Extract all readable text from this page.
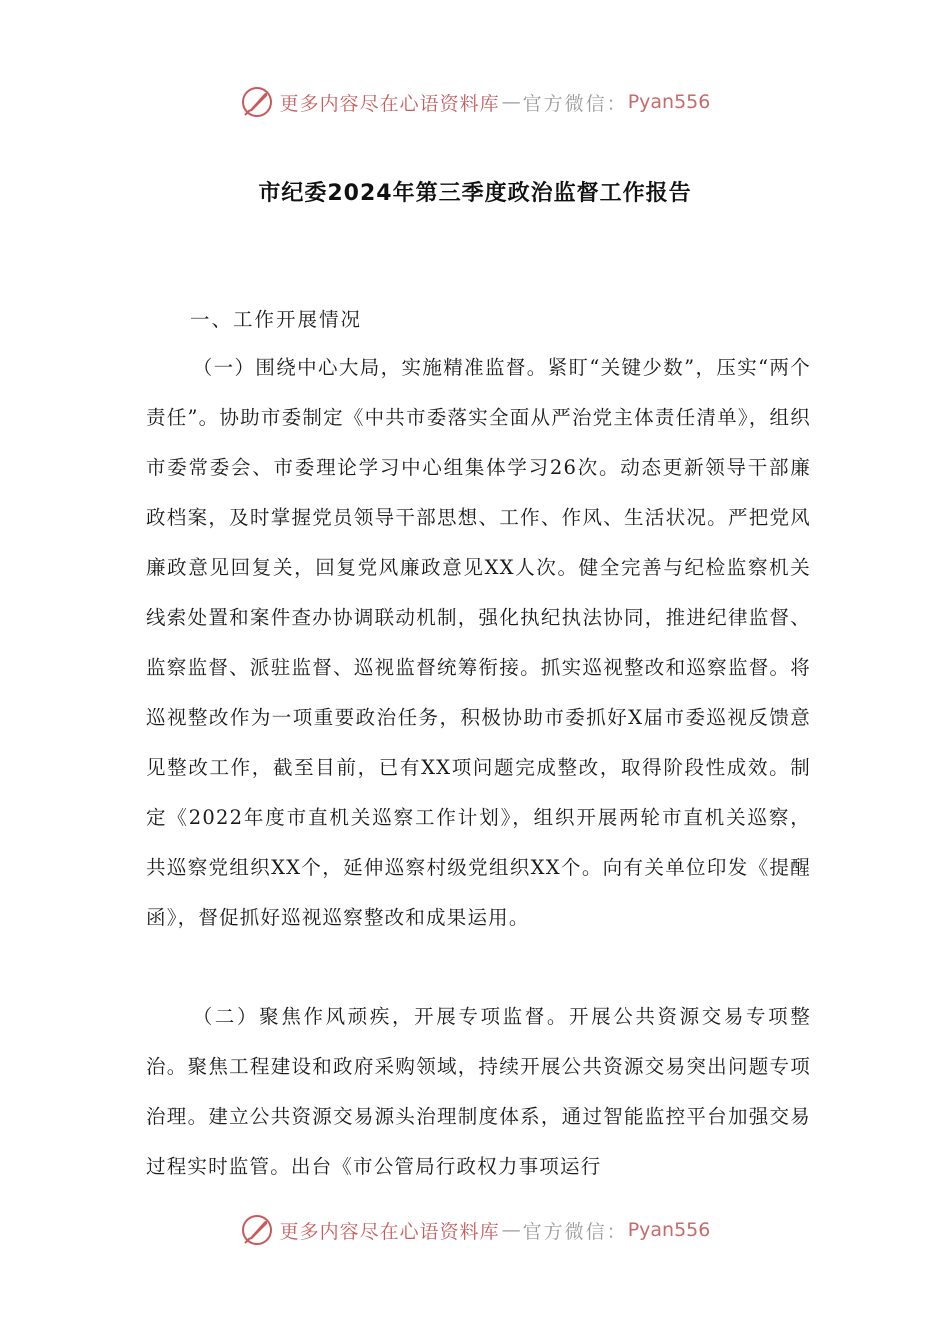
更多内容尽在心语资料库 — 官方微信： Pyan556
市纪委2024年第三季度政治监督工作报告
一、工作开展情况

（一）围绕中心大局，实施精准监督。紧盯“关键少数”，压实“两个责任”。协助市委制定《中共市委落实全面从严治党主体责任清单》，组织市委常委会、市委理论学习中心组集体学习26次。动态更新领导干部廉政档案，及时掌握党员领导干部思想、工作、作风、生活状况。严把党风廉政意见回复关，回复党风廉政意见XX人次。健全完善与纪检监察机关线索处置和案件查办协调联动机制，强化执纪执法协同，推进纪律监督、监察监督、派驻监督、巡视监督统筹衔接。抓实巡视整改和巡察监督。将巡视整改作为一项重要政治任务，积极协助市委抓好X届市委巡视反馈意见整改工作，截至目前，已有XX项问题完成整改，取得阶段性成效。制定《2022年度市直机关巡察工作计划》，组织开展两轮市直机关巡察，共巡察党组织XX个，延伸巡察村级党组织XX个。向有关单位印发《提醒函》，督促抓好巡视巡察整改和成果运用。

（二）聚焦作风顽疾，开展专项监督。开展公共资源交易专项整治。聚焦工程建设和政府采购领域，持续开展公共资源交易突出问题专项治理。建立公共资源交易源头治理制度体系，通过智能监控平台加强交易过程实时监管。出台《市公管局行政权力事项运行

更多内容尽在心语资料库 — 官方微信： Pyan556
